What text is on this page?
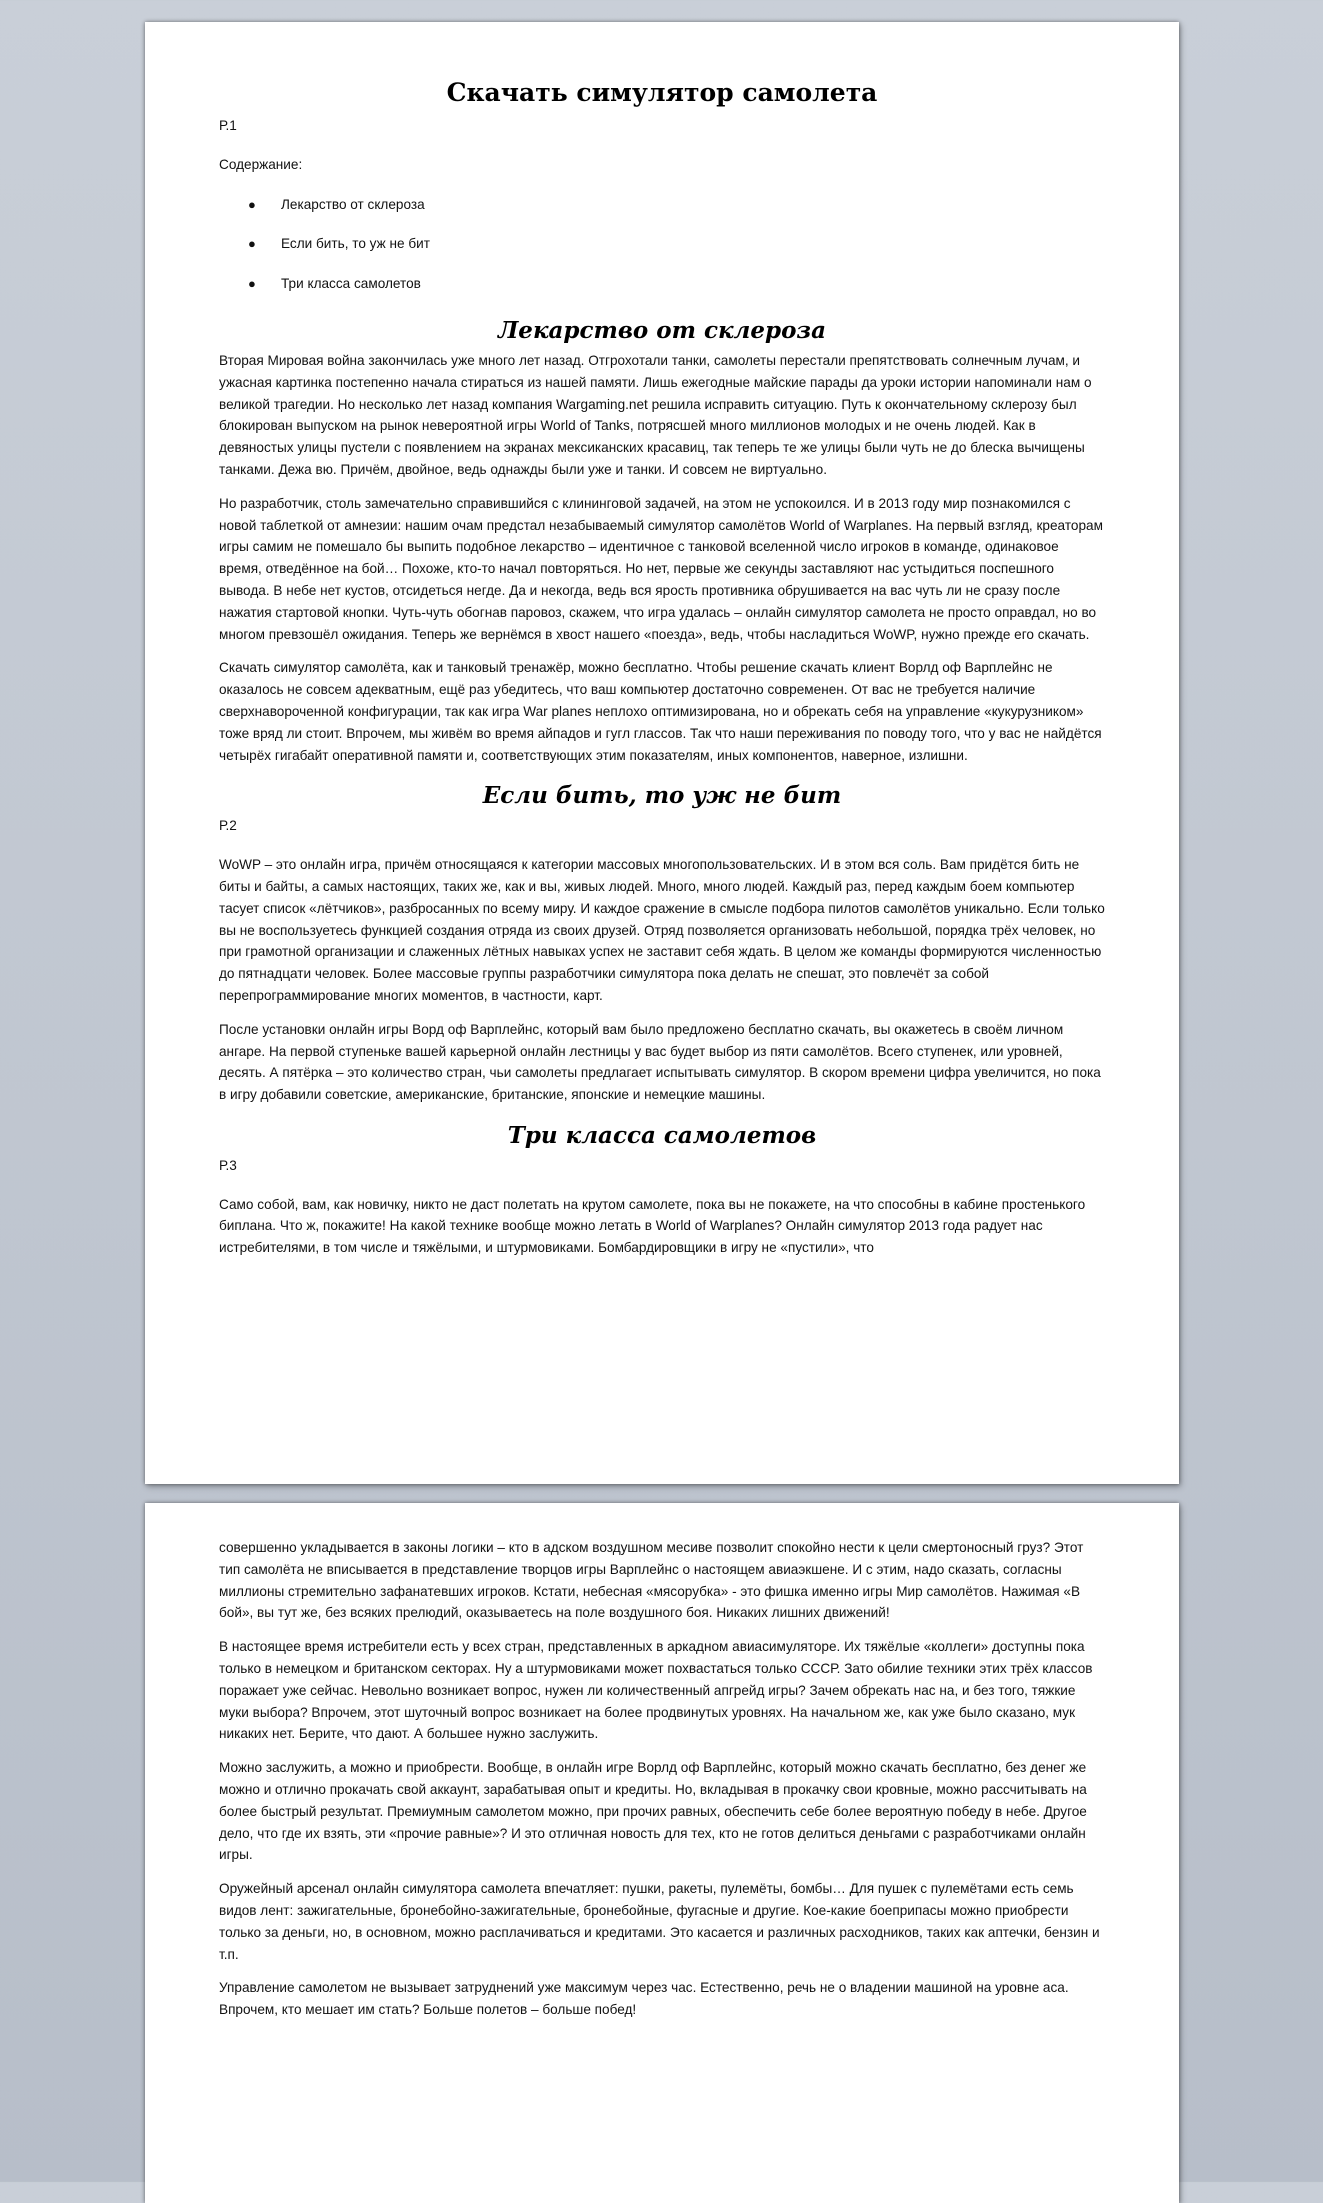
Скачать симулятор самолета

Р.1

Содержание:

● Лекарство от склероза
● Если бить, то уж не бит
● Три класса самолетов
Лекарство от склероза

Вторая Мировая война закончилась уже много лет назад. Отгрохотали танки, самолеты перестали препятствовать солнечным лучам, и ужасная картинка постепенно начала стираться из нашей памяти. Лишь ежегодные майские парады да уроки истории напоминали нам о великой трагедии. Но несколько лет назад компания Wargaming.net решила исправить ситуацию. Путь к окончательному склерозу был блокирован выпуском на рынок невероятной игры World of Tanks, потрясшей много миллионов молодых и не очень людей. Как в девяностых улицы пустели с появлением на экранах мексиканских красавиц, так теперь те же улицы были чуть не до блеска вычищены танками. Дежа вю. Причём, двойное, ведь однажды были уже и танки. И совсем не виртуально.

Но разработчик, столь замечательно справившийся с клининговой задачей, на этом не успокоился. И в 2013 году мир познакомился с новой таблеткой от амнезии: нашим очам предстал незабываемый симулятор самолётов World of Warplanes. На первый взгляд, креаторам игры самим не помешало бы выпить подобное лекарство – идентичное с танковой вселенной число игроков в команде, одинаковое время, отведённое на бой… Похоже, кто-то начал повторяться. Но нет, первые же секунды заставляют нас устыдиться поспешного вывода. В небе нет кустов, отсидеться негде. Да и некогда, ведь вся ярость противника обрушивается на вас чуть ли не сразу после нажатия стартовой кнопки. Чуть-чуть обогнав паровоз, скажем, что игра удалась – онлайн симулятор самолета не просто оправдал, но во многом превзошёл ожидания. Теперь же вернёмся в хвост нашего «поезда», ведь, чтобы насладиться WoWP, нужно прежде его скачать.

Скачать симулятор самолёта, как и танковый тренажёр, можно бесплатно. Чтобы решение скачать клиент Ворлд оф Варплейнс не оказалось не совсем адекватным, ещё раз убедитесь, что ваш компьютер достаточно современен. От вас не требуется наличие сверхнавороченной конфигурации, так как игра War planes неплохо оптимизирована, но и обрекать себя на управление «кукурузником» тоже вряд ли стоит. Впрочем, мы живём во время айпадов и гугл глассов. Так что наши переживания по поводу того, что у вас не найдётся четырёх гигабайт оперативной памяти и, соответствующих этим показателям, иных компонентов, наверное, излишни.

Если бить, то уж не бит

Р.2

WoWP – это онлайн игра, причём относящаяся к категории массовых многопользовательских. И в этом вся соль. Вам придётся бить не биты и байты, а самых настоящих, таких же, как и вы, живых людей. Много, много людей. Каждый раз, перед каждым боем компьютер тасует список «лётчиков», разбросанных по всему миру. И каждое сражение в смысле подбора пилотов самолётов уникально. Если только вы не воспользуетесь функцией создания отряда из своих друзей. Отряд позволяется организовать небольшой, порядка трёх человек, но при грамотной организации и слаженных лётных навыках успех не заставит себя ждать. В целом же команды формируются численностью до пятнадцати человек. Более массовые группы разработчики симулятора пока делать не спешат, это повлечёт за собой перепрограммирование многих моментов, в частности, карт.

После установки онлайн игры Ворд оф Варплейнс, который вам было предложено бесплатно скачать, вы окажетесь в своём личном ангаре. На первой ступеньке вашей карьерной онлайн лестницы у вас будет выбор из пяти самолётов. Всего ступенек, или уровней, десять. А пятёрка – это количество стран, чьи самолеты предлагает испытывать симулятор. В скором времени цифра увеличится, но пока в игру добавили советские, американские, британские, японские и немецкие машины.

Три класса самолетов

Р.3

Само собой, вам, как новичку, никто не даст полетать на крутом самолете, пока вы не покажете, на что способны в кабине простенького биплана. Что ж, покажите! На какой технике вообще можно летать в World of Warplanes? Онлайн симулятор 2013 года радует нас истребителями, в том числе и тяжёлыми, и штурмовиками. Бомбардировщики в игру не «пустили», что

совершенно укладывается в законы логики – кто в адском воздушном месиве позволит спокойно нести к цели смертоносный груз? Этот тип самолёта не вписывается в представление творцов игры Варплейнс о настоящем авиаэкшене. И с этим, надо сказать, согласны миллионы стремительно зафанатевших игроков. Кстати, небесная «мясорубка» - это фишка именно игры Мир самолётов. Нажимая «В бой», вы тут же, без всяких прелюдий, оказываетесь на поле воздушного боя. Никаких лишних движений!

В настоящее время истребители есть у всех стран, представленных в аркадном авиасимуляторе. Их тяжёлые «коллеги» доступны пока только в немецком и британском секторах. Ну а штурмовиками может похвастаться только СССР. Зато обилие техники этих трёх классов поражает уже сейчас. Невольно возникает вопрос, нужен ли количественный апгрейд игры? Зачем обрекать нас на, и без того, тяжкие муки выбора? Впрочем, этот шуточный вопрос возникает на более продвинутых уровнях. На начальном же, как уже было сказано, мук никаких нет. Берите, что дают. А большее нужно заслужить.

Можно заслужить, а можно и приобрести. Вообще, в онлайн игре Ворлд оф Варплейнс, который можно скачать бесплатно, без денег же можно и отлично прокачать свой аккаунт, зарабатывая опыт и кредиты. Но, вкладывая в прокачку свои кровные, можно рассчитывать на более быстрый результат. Премиумным самолетом можно, при прочих равных, обеспечить себе более вероятную победу в небе. Другое дело, что где их взять, эти «прочие равные»? И это отличная новость для тех, кто не готов делиться деньгами с разработчиками онлайн игры.

Оружейный арсенал онлайн симулятора самолета впечатляет: пушки, ракеты, пулемёты, бомбы… Для пушек с пулемётами есть семь видов лент: зажигательные, бронебойно-зажигательные, бронебойные, фугасные и другие. Кое-какие боеприпасы можно приобрести только за деньги, но, в основном, можно расплачиваться и кредитами. Это касается и различных расходников, таких как аптечки, бензин и т.п.

Управление самолетом не вызывает затруднений уже максимум через час. Естественно, речь не о владении машиной на уровне аса. Впрочем, кто мешает им стать? Больше полетов – больше побед!
